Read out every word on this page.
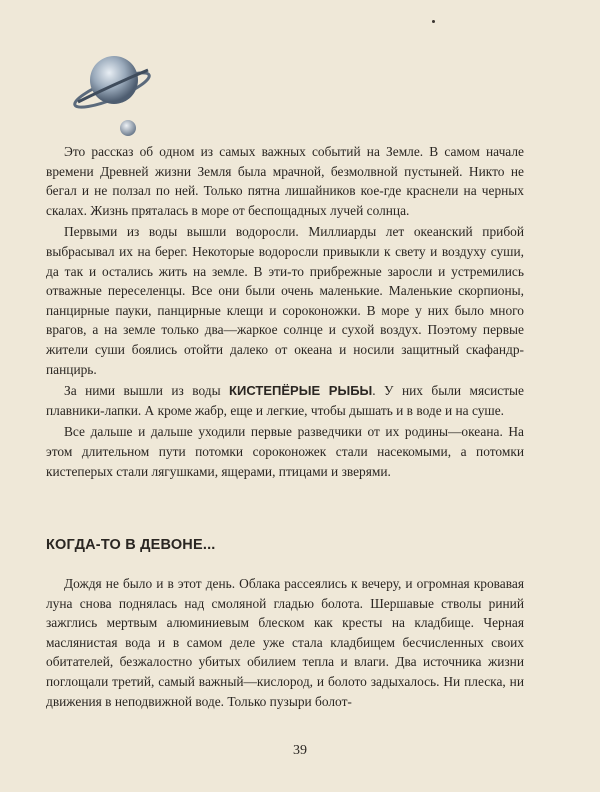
Это рассказ об одном из самых важных событий на Земле. В самом начале времени Древней жизни Земля была мрачной, безмолвной пустыней. Никто не бегал и не ползал по ней. Только пятна лишайников кое-где краснели на черных скалах. Жизнь пряталась в море от беспощадных лучей солнца.

Первыми из воды вышли водоросли. Миллиарды лет океанский прибой выбрасывал их на берег. Некоторые водоросли привыкли к свету и воздуху суши, да так и остались жить на земле. В эти-то прибрежные заросли и устремились отважные переселенцы. Все они были очень маленькие. Маленькие скорпионы, панцирные пауки, панцирные клещи и сороконожки. В море у них было много врагов, а на земле только два—жаркое солнце и сухой воздух. Поэтому первые жители суши боялись отойти далеко от океана и носили защитный скафандр-панцирь.

За ними вышли из воды КИСТЕПЁРЫЕ РЫБЫ. У них были мясистые плавники-лапки. А кроме жабр, еще и легкие, чтобы дышать и в воде и на суше.

Все дальше и дальше уходили первые разведчики от их родины—океана. На этом длительном пути потомки сороконожек стали насекомыми, а потомки кистеперых стали лягушками, ящерами, птицами и зверями.

КОГДА-ТО В ДЕВОНЕ...

Дождя не было и в этот день. Облака рассеялись к вечеру, и огромная кровавая луна снова поднялась над смоляной гладью болота. Шершавые стволы риний зажглись мертвым алюминиевым блеском как кресты на кладбище. Черная маслянистая вода и в самом деле уже стала кладбищем бесчисленных своих обитателей, безжалостно убитых обилием тепла и влаги. Два источника жизни поглощали третий, самый важный—кислород, и болото задыхалось. Ни плеска, ни движения в неподвижной воде. Только пузыри болот-

39
